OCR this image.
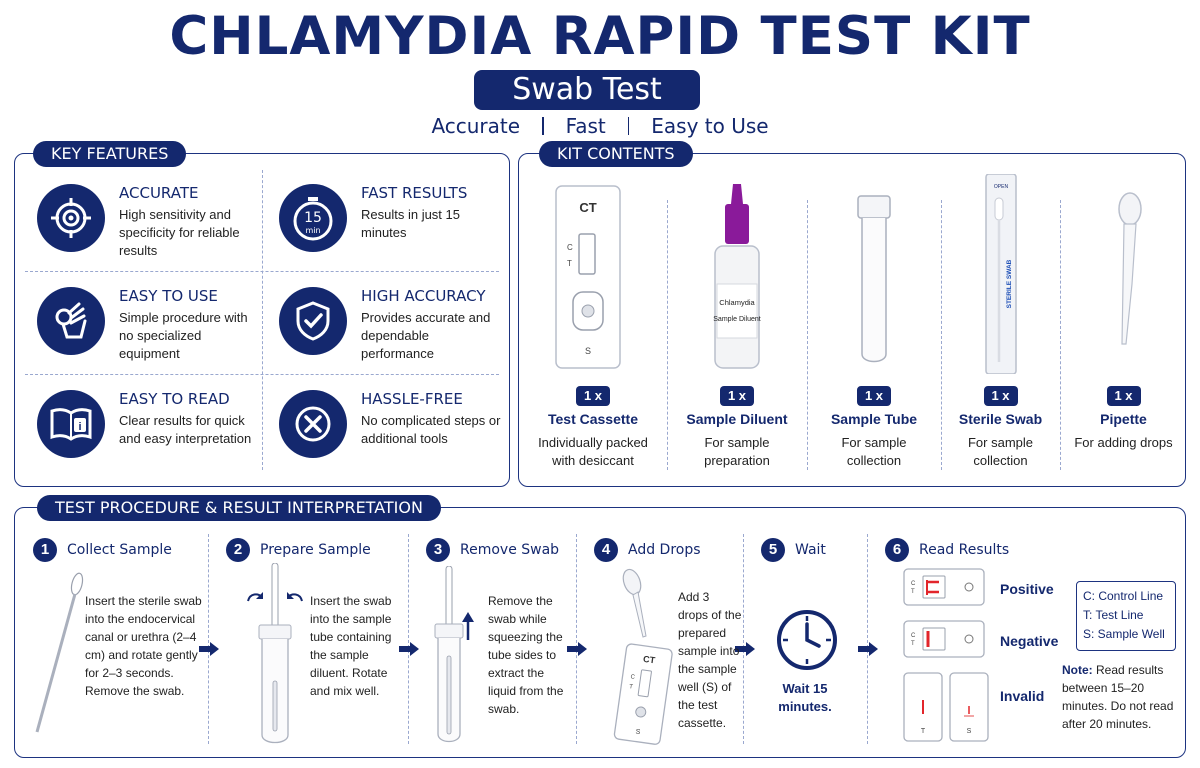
CHLAMYDIA RAPID TEST KIT
Swab Test
Accurate Fast Easy to Use
KEY FEATURES
ACCURATE
High sensitivity and specificity for reliable results
15
min
FAST RESULTS
Results in just 15 minutes
EASY TO USE
Simple procedure with no specialized equipment
HIGH ACCURACY
Provides accurate and dependable performance
i
EASY TO READ
Clear results for quick and easy interpretation
HASSLE-FREE
No complicated steps or additional tools
KIT CONTENTS
CT
C
T
S
1 x
Test Cassette
Individually packed with desiccant
Chlamydia
Sample Diluent
1 x
Sample Diluent
For sample preparation
1 x
Sample Tube
For sample collection
OPEN
STERILE SWAB
1 x
Sterile Swab
For sample collection
1 x
Pipette
For adding drops
TEST PROCEDURE & RESULT INTERPRETATION
1	Collect Sample
Insert the sterile swab into the endocervical canal or urethra (2–4 cm) and rotate gently for 2–3 seconds. Remove the swab.
2	Prepare Sample
Insert the swab into the sample tube containing the sample diluent. Rotate and mix well.
3	Remove Swab
Remove the swab while squeezing the tube sides to extract the liquid from the swab.
4	Add Drops
CT
C
T
S
Add 3 drops of the prepared sample into the sample well (S) of the test cassette.
5	Wait
Wait 15 minutes.
6	Read Results
C
T	Positive
C
T	Negative
T	S
Invalid
C: Control Line
T: Test Line
S: Sample Well
Note: Read results between 15–20 minutes. Do not read after 20 minutes.
